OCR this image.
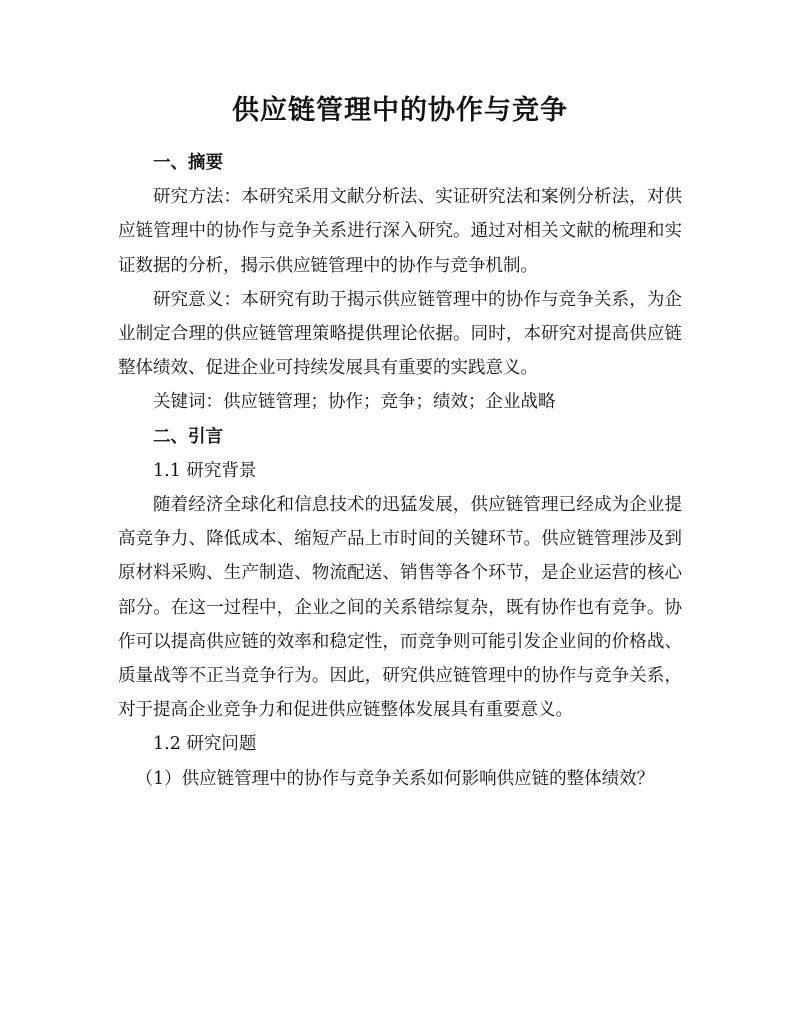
供应链管理中的协作与竞争

一、摘要

研究方法：本研究采用文献分析法、实证研究法和案例分析法，对供应链管理中的协作与竞争关系进行深入研究。通过对相关文献的梳理和实证数据的分析，揭示供应链管理中的协作与竞争机制。

研究意义：本研究有助于揭示供应链管理中的协作与竞争关系，为企业制定合理的供应链管理策略提供理论依据。同时，本研究对提高供应链整体绩效、促进企业可持续发展具有重要的实践意义。

关键词：供应链管理；协作；竞争；绩效；企业战略

二、引言

1.1 研究背景

随着经济全球化和信息技术的迅猛发展，供应链管理已经成为企业提高竞争力、降低成本、缩短产品上市时间的关键环节。供应链管理涉及到原材料采购、生产制造、物流配送、销售等各个环节，是企业运营的核心部分。在这一过程中，企业之间的关系错综复杂，既有协作也有竞争。协作可以提高供应链的效率和稳定性，而竞争则可能引发企业间的价格战、质量战等不正当竞争行为。因此，研究供应链管理中的协作与竞争关系，对于提高企业竞争力和促进供应链整体发展具有重要意义。

1.2 研究问题

（1）供应链管理中的协作与竞争关系如何影响供应链的整体绩效？
